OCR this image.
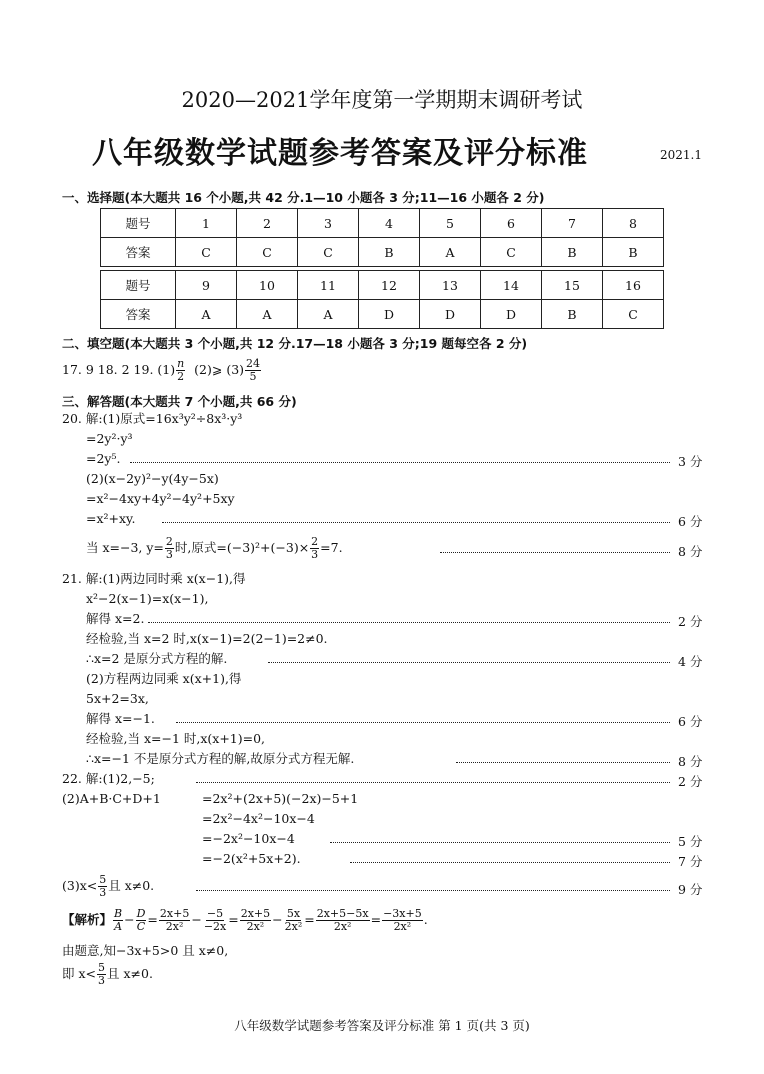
2020—2021学年度第一学期期末调研考试
八年级数学试题参考答案及评分标准	2021.1
一、选择题(本大题共 16 个小题,共 42 分.1—10 小题各 3 分;11—16 小题各 2 分)
题号	1	2	3	4	5	6	7	8
答案	C	C	C	B	A	C	B	B
题号	9	10	11	12	13	14	15	16
答案	A	A	A	D	D	D	B	C
二、填空题(本大题共 3 个小题,共 12 分.17—18 小题各 3 分;19 题每空各 2 分)
17. 9 18. 2 19. $(1) \frac{n}{2}$ (2)⩾ $(3) \frac{24}{5}$
三、解答题(本大题共 7 个小题,共 66 分)
20. 解:(1)原式=16x³y²÷8x³·y³
=2y²·y³
=2y⁵.	3 分
(2)(x−2y)²−y(4y−5x)
=x²−4xy+4y²−4y²+5xy
=x²+xy.	6 分
当 x=−3, $y= \frac{2}{3}$ 时,原式$=(-3)^2+(-3)\times \frac{2}{3} =7$.	8 分
21. 解:(1)两边同时乘 x(x−1),得
x²−2(x−1)=x(x−1),
解得 x=2.	2 分
经检验,当 x=2 时,x(x−1)=2(2−1)=2≠0.
∴x=2 是原分式方程的解.	4 分
(2)方程两边同乘 x(x+1),得
5x+2=3x,
解得 x=−1.	6 分
经检验,当 x=−1 时,x(x+1)=0,
∴x=−1 不是原分式方程的解,故原分式方程无解.	8 分
22. 解:(1)2,−5;	2 分
(2)A+B·C+D+1	=2x²+(2x+5)(−2x)−5+1
=2x²−4x²−10x−4
=−2x²−10x−4	5 分
=−2(x²+5x+2).	7 分
$(3)x< \frac{5}{3}$ 且 x≠0.	9 分
【解析】 $\frac{B}{A} - \frac{D}{C} = \frac{2x+5}{\text{2x²}} - \frac{-5}{-2x} = \frac{2x+5}{\text{2x²}} - \frac{5x}{\text{2x²}} = \frac{2x+5-5x}{\text{2x²}} = \frac{-3x+5}{\text{2x²}}$ .
由题意,知−3x+5>0 且 x≠0,
即 $x< \frac{5}{3}$ 且 x≠0.
八年级数学试题参考答案及评分标准 第 1 页(共 3 页)
